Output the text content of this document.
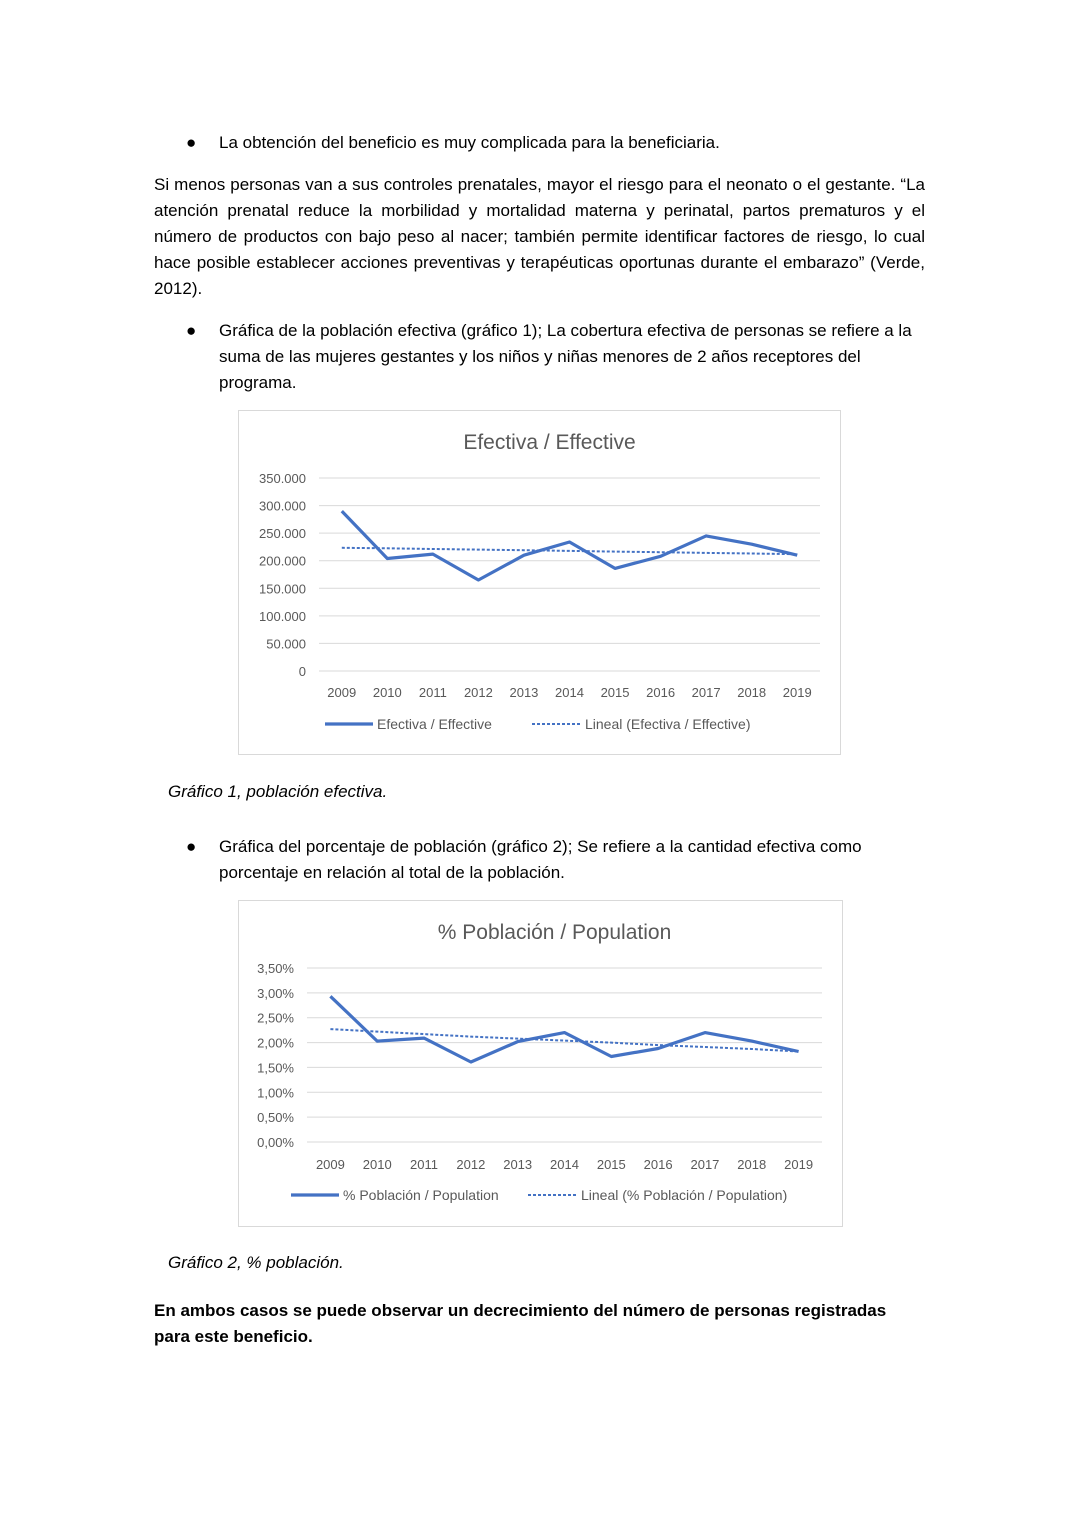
● La obtención del beneficio es muy complicada para la beneficiaria.
Si menos personas van a sus controles prenatales, mayor el riesgo para el neonato o el gestante. “La atención prenatal reduce la morbilidad y mortalidad materna y perinatal, partos prematuros y el número de productos con bajo peso al nacer; también permite identificar factores de riesgo, lo cual hace posible establecer acciones preventivas y terapéuticas oportunas durante el embarazo” (Verde, 2012).
● Gráfica de la población efectiva (gráfico 1); La cobertura efectiva de personas se refiere a la suma de las mujeres gestantes y los niños y niñas menores de 2 años receptores del programa.
Efectiva / Effective
350.000
300.000
250.000
200.000
150.000
100.000
50.000
0
2009 2010 2011 2012 2013 2014 2015 2016 2017 2018 2019
Efectiva / Effective	Lineal (Efectiva / Effective)
Gráfico 1, población efectiva.
● Gráfica del porcentaje de población (gráfico 2); Se refiere a la cantidad efectiva como porcentaje en relación al total de la población.
% Población / Population
3,50%
3,00%
2,50%
2,00%
1,50%
1,00%
0,50%
0,00%
2009 2010 2011 2012 2013 2014 2015 2016 2017 2018 2019
% Población / Population	Lineal (% Población / Population)
Gráfico 2, % población.
En ambos casos se puede observar un decrecimiento del número de personas registradas para este beneficio.
